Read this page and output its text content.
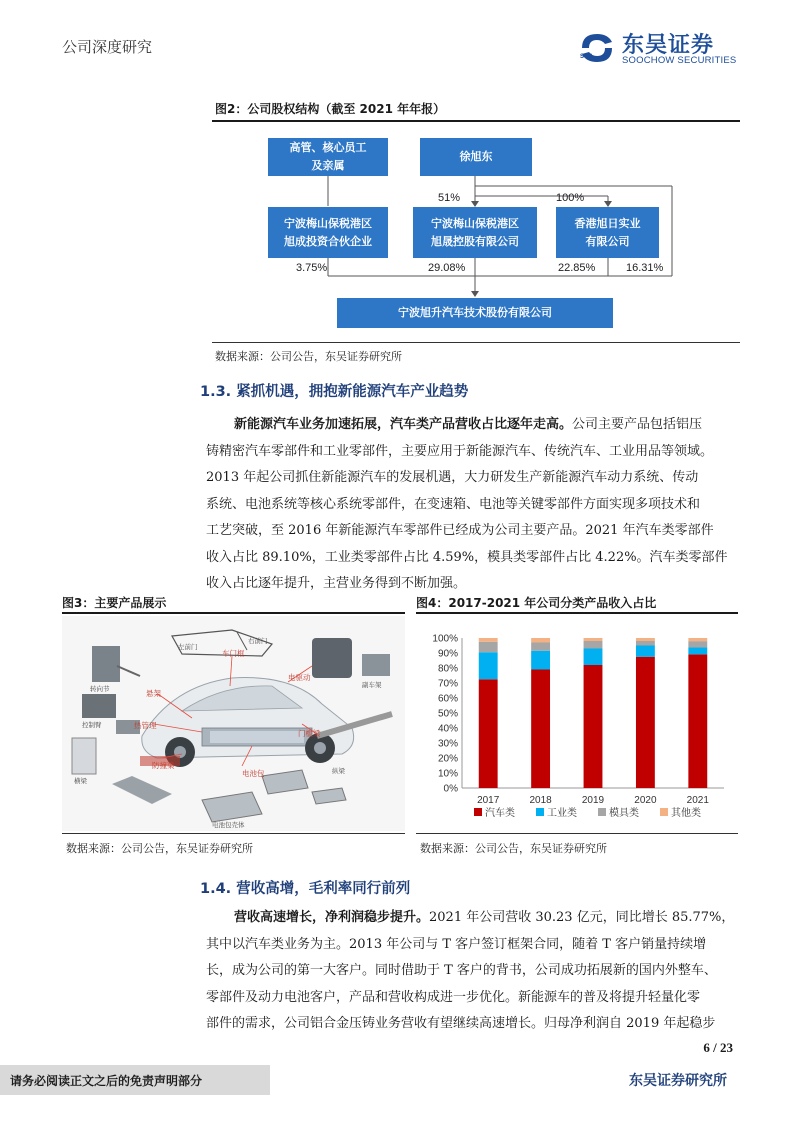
公司深度研究	东吴证券
SOOCHOW SECURITIES
SCS
图2：公司股权结构（截至 2021 年年报）
高管、核心员工
及亲属
徐旭东
宁波梅山保税港区
旭成投资合伙企业
宁波梅山保税港区
旭晟控股有限公司
香港旭日实业
有限公司
宁波旭升汽车技术股份有限公司
51%	100%
3.75%	29.08%	22.85%	16.31%
数据来源：公司公告，东吴证券研究所
1.3. 紧抓机遇，拥抱新能源汽车产业趋势
新能源汽车业务加速拓展，汽车类产品营收占比逐年走高。公司主要产品包括铝压
铸精密汽车零部件和工业零部件，主要应用于新能源汽车、传统汽车、工业用品等领域。
2013 年起公司抓住新能源汽车的发展机遇，大力研发生产新能源汽车动力系统、传动
系统、电池系统等核心系统零部件，在变速箱、电池等关键零部件方面实现多项技术和
工艺突破，至 2016 年新能源汽车零部件已经成为公司主要产品。2021 年汽车类零部件
收入占比 89.10%，工业类零部件占比 4.59%，模具类零部件占比 4.22%。汽车类零部件
收入占比逐年提升，主营业务得到不断加强。
图3：主要产品展示
车门框
电驱动
悬架
热管理
门槛梁
防撞梁
电池包
左前门
右前门
转向节
控制臂
副车架
电池包壳体
横梁
纵梁
数据来源：公司公告，东吴证券研究所
图4：2017-2021 年公司分类产品收入占比
0%
10%
20%
30%
40%
50%
60%
70%
80%
90%
100%
2017	2018	2019	2020	2021
汽车类	工业类	模具类	其他类
数据来源：公司公告，东吴证券研究所
1.4. 营收高增，毛利率同行前列
营收高速增长，净利润稳步提升。2021 年公司营收 30.23 亿元，同比增长 85.77%，
其中以汽车类业务为主。2013 年公司与 T 客户签订框架合同，随着 T 客户销量持续增
长，成为公司的第一大客户。同时借助于 T 客户的背书，公司成功拓展新的国内外整车、
零部件及动力电池客户，产品和营收构成进一步优化。新能源车的普及将提升轻量化零
部件的需求，公司铝合金压铸业务营收有望继续高速增长。归母净利润自 2019 年起稳步
6 / 23
请务必阅读正文之后的免责声明部分	东吴证券研究所
